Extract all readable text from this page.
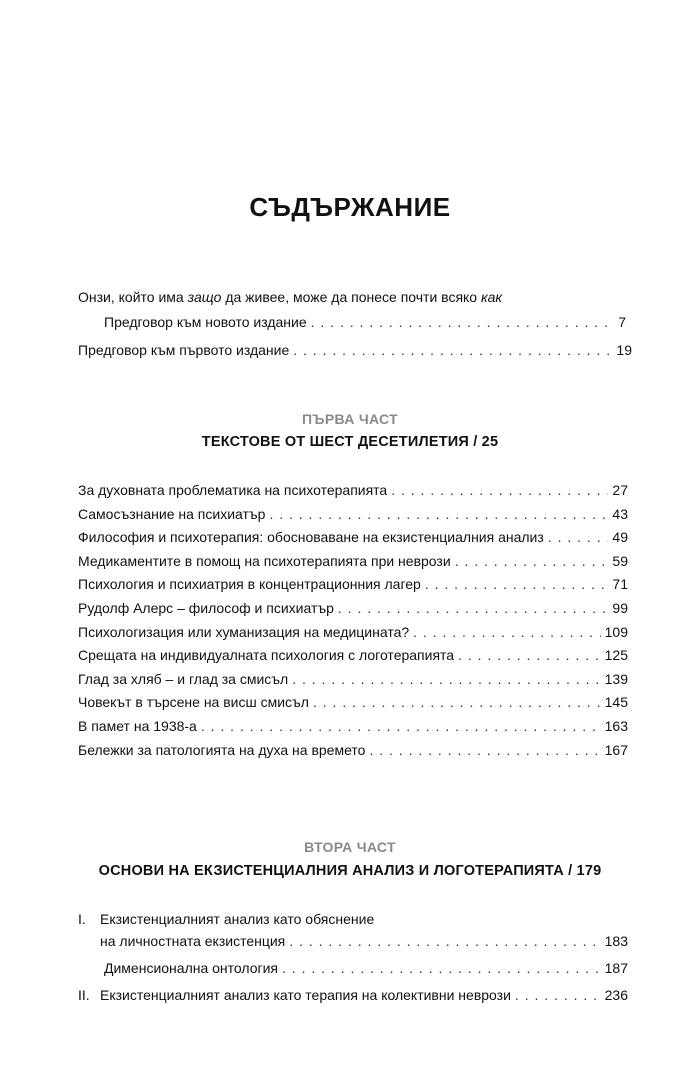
СЪДЪРЖАНИЕ
Онзи, който има защо да живее, може да понесе почти всяко как
Предговор към новото издание . . .	7
Предговор към първото издание . . .	19
ПЪРВА ЧАСТ
ТЕКСТОВЕ ОТ ШЕСТ ДЕСЕТИЛЕТИЯ / 25
За духовната проблематика на психотерапията . . .	27
Самосъзнание на психиатър . . .	43
Философия и психотерапия: обосноваване на екзистенциалния анализ . . .	49
Медикаментите в помощ на психотерапията при неврози . . .	59
Психология и психиатрия в концентрационния лагер . . .	71
Рудолф Алерс – философ и психиатър . . .	99
Психологизация или хуманизация на медицината? . . .	109
Срещата на индивидуалната психология с логотерапията . . .	125
Глад за хляб – и глад за смисъл . . .	139
Човекът в търсене на висш смисъл . . .	145
В памет на 1938-а . . .	163
Бележки за патологията на духа на времето . . .	167
ВТОРА ЧАСТ
ОСНОВИ НА ЕКЗИСТЕНЦИАЛНИЯ АНАЛИЗ И ЛОГОТЕРАПИЯТА / 179
I. Екзистенциалният анализ като обяснение
на личностната екзистенция . . .	183
Дименсионална онтология . . .	187
II. Екзистенциалният анализ като терапия на колективни неврози . . .	236
